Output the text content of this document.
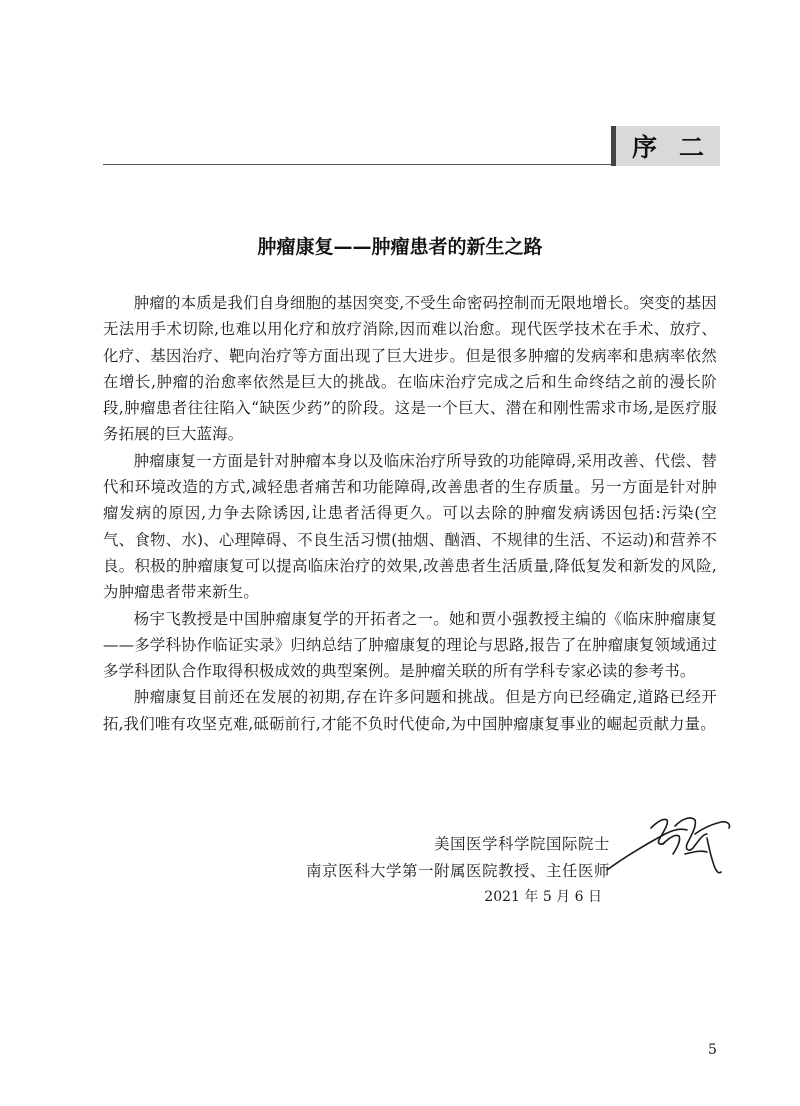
序二
肿瘤康复——肿瘤患者的新生之路

肿瘤的本质是我们自身细胞的基因突变,不受生命密码控制而无限地增长。突变的基因无法用手术切除,也难以用化疗和放疗消除,因而难以治愈。现代医学技术在手术、放疗、化疗、基因治疗、靶向治疗等方面出现了巨大进步。但是很多肿瘤的发病率和患病率依然在增长,肿瘤的治愈率依然是巨大的挑战。在临床治疗完成之后和生命终结之前的漫长阶段,肿瘤患者往往陷入“缺医少药”的阶段。这是一个巨大、潜在和刚性需求市场,是医疗服务拓展的巨大蓝海。

肿瘤康复一方面是针对肿瘤本身以及临床治疗所导致的功能障碍,采用改善、代偿、替代和环境改造的方式,减轻患者痛苦和功能障碍,改善患者的生存质量。另一方面是针对肿瘤发病的原因,力争去除诱因,让患者活得更久。可以去除的肿瘤发病诱因包括:污染(空气、食物、水)、心理障碍、不良生活习惯(抽烟、酗酒、不规律的生活、不运动)和营养不良。积极的肿瘤康复可以提高临床治疗的效果,改善患者生活质量,降低复发和新发的风险,为肿瘤患者带来新生。

杨宇飞教授是中国肿瘤康复学的开拓者之一。她和贾小强教授主编的《临床肿瘤康复——多学科协作临证实录》归纳总结了肿瘤康复的理论与思路,报告了在肿瘤康复领域通过多学科团队合作取得积极成效的典型案例。是肿瘤关联的所有学科专家必读的参考书。

肿瘤康复目前还在发展的初期,存在许多问题和挑战。但是方向已经确定,道路已经开拓,我们唯有攻坚克难,砥砺前行,才能不负时代使命,为中国肿瘤康复事业的崛起贡献力量。

美国医学科学院国际院士
南京医科大学第一附属医院教授、主任医师
2021 年 5 月 6 日
5
